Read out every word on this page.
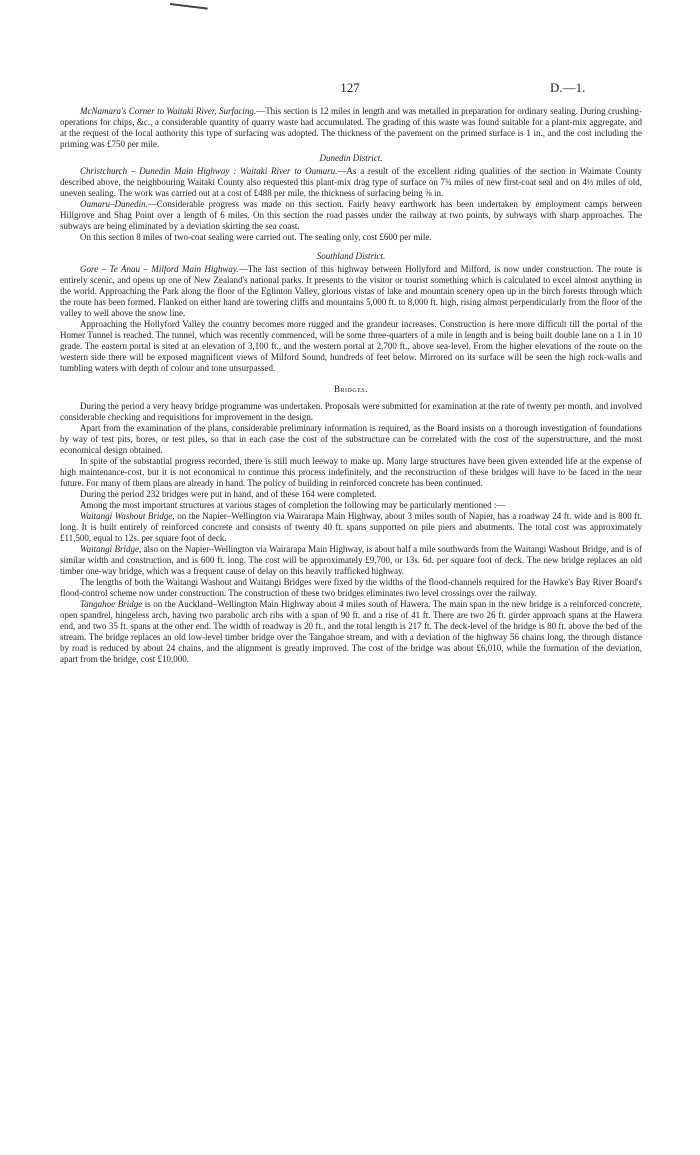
127	D.—1.

McNamara's Corner to Waitaki River, Surfacing.—This section is 12 miles in length and was metalled in preparation for ordinary sealing. During crushing-operations for chips, &c., a considerable quantity of quarry waste had accumulated. The grading of this waste was found suitable for a plant-mix aggregate, and at the request of the local authority this type of surfacing was adopted. The thickness of the pavement on the primed surface is 1 in., and the cost including the priming was £750 per mile.

Dunedin District.

Christchurch – Dunedin Main Highway : Waitaki River to Oamaru.—As a result of the excellent riding qualities of the section in Waimate County described above, the neighbouring Waitaki County also requested this plant-mix drag type of surface on 7¾ miles of new first-coat seal and on 4½ miles of old, uneven sealing. The work was carried out at a cost of £488 per mile, the thickness of surfacing being ⅝ in.

Oamaru–Dunedin.—Considerable progress was made on this section. Fairly heavy earthwork has been undertaken by employment camps between Hillgrove and Shag Point over a length of 6 miles. On this section the road passes under the railway at two points, by subways with sharp approaches. The subways are being eliminated by a deviation skirting the sea coast.

On this section 8 miles of two-coat sealing were carried out. The sealing only, cost £600 per mile.

Southland District.

Gore – Te Anau – Milford Main Highway.—The last section of this highway between Hollyford and Milford, is now under construction. The route is entirely scenic, and opens up one of New Zealand's national parks. It presents to the visitor or tourist something which is calculated to excel almost anything in the world. Approaching the Park along the floor of the Eglinton Valley, glorious vistas of lake and mountain scenery open up in the birch forests through which the route has been formed. Flanked on either hand are towering cliffs and mountains 5,000 ft. to 8,000 ft. high, rising almost perpendicularly from the floor of the valley to well above the snow line.

Approaching the Hollyford Valley the country becomes more rugged and the grandeur increases. Construction is here more difficult till the portal of the Homer Tunnel is reached. The tunnel, which was recently commenced, will be some three-quarters of a mile in length and is being built double lane on a 1 in 10 grade. The eastern portal is sited at an elevation of 3,100 ft., and the western portal at 2,700 ft., above sea-level. From the higher elevations of the route on the western side there will be exposed magnificent views of Milford Sound, hundreds of feet below. Mirrored on its surface will be seen the high rock-walls and tumbling waters with depth of colour and tone unsurpassed.

Bridges.

During the period a very heavy bridge programme was undertaken. Proposals were submitted for examination at the rate of twenty per month, and involved considerable checking and requisitions for improvement in the design.

Apart from the examination of the plans, considerable preliminary information is required, as the Board insists on a thorough investigation of foundations by way of test pits, bores, or test piles, so that in each case the cost of the substructure can be correlated with the cost of the superstructure, and the most economical design obtained.

In spite of the substantial progress recorded, there is still much leeway to make up. Many large structures have been given extended life at the expense of high maintenance-cost, but it is not economical to continue this process indefinitely, and the reconstruction of these bridges will have to be faced in the near future. For many of them plans are already in hand. The policy of building in reinforced concrete has been continued.

During the period 232 bridges were put in hand, and of these 164 were completed.

Among the most important structures at various stages of completion the following may be particularly mentioned :—

Waitangi Washout Bridge, on the Napier–Wellington via Wairarapa Main Highway, about 3 miles south of Napier, has a roadway 24 ft. wide and is 800 ft. long. It is built entirely of reinforced concrete and consists of twenty 40 ft. spans supported on pile piers and abutments. The total cost was approximately £11,500, equal to 12s. per square foot of deck.

Waitangi Bridge, also on the Napier–Wellington via Wairarapa Main Highway, is about half a mile southwards from the Waitangi Washout Bridge, and is of similar width and construction, and is 600 ft. long. The cost will be approximately £9,700, or 13s. 6d. per square foot of deck. The new bridge replaces an old timber one-way bridge, which was a frequent cause of delay on this heavily trafficked highway.

The lengths of both the Waitangi Washout and Waitangi Bridges were fixed by the widths of the flood-channels required for the Hawke's Bay River Board's flood-control scheme now under construction. The construction of these two bridges eliminates two level crossings over the railway.

Tangahoe Bridge is on the Auckland–Wellington Main Highway about 4 miles south of Hawera. The main span in the new bridge is a reinforced concrete, open spandrel, hingeless arch, having two parabolic arch ribs with a span of 90 ft. and a rise of 41 ft. There are two 26 ft. girder approach spans at the Hawera end, and two 35 ft. spans at the other end. The width of roadway is 20 ft., and the total length is 217 ft. The deck-level of the bridge is 80 ft. above the bed of the stream. The bridge replaces an old low-level timber bridge over the Tangahoe stream, and with a deviation of the highway 56 chains long, the through distance by road is reduced by about 24 chains, and the alignment is greatly improved. The cost of the bridge was about £6,010, while the formation of the deviation, apart from the bridge, cost £10,000.
